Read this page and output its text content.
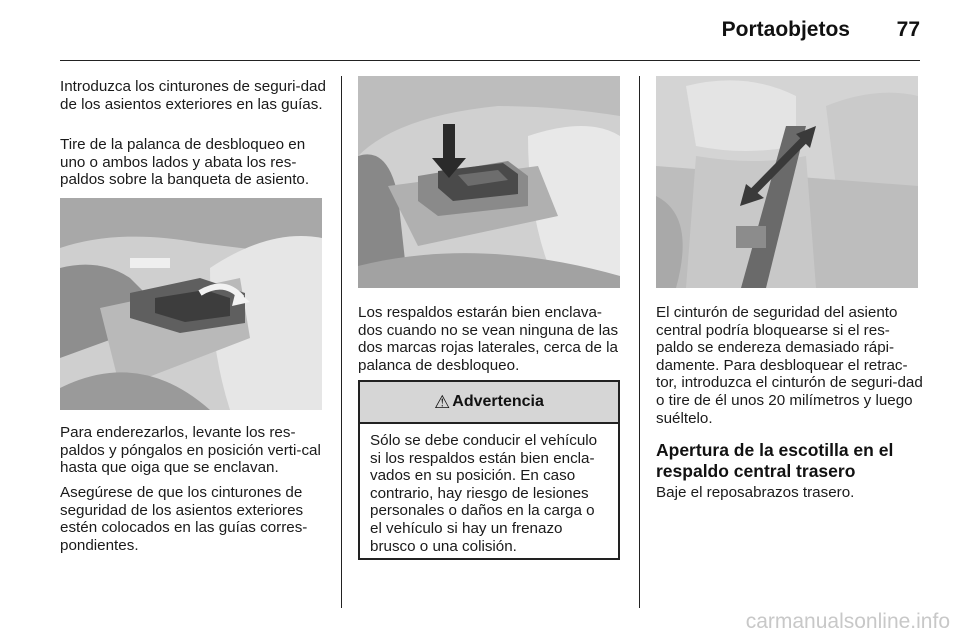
Portaobjetos	77

Introduzca los cinturones de seguri-dad de los asientos exteriores en las guías.

Tire de la palanca de desbloqueo en uno o ambos lados y abata los res-paldos sobre la banqueta de asiento.

Para enderezarlos, levante los res-paldos y póngalos en posición verti-cal hasta que oiga que se enclavan.

Asegúrese de que los cinturones de seguridad de los asientos exteriores estén colocados en las guías corres-pondientes.

Los respaldos estarán bien enclava-dos cuando no se vean ninguna de las dos marcas rojas laterales, cerca de la palanca de desbloqueo.

⚠ Advertencia

Sólo se debe conducir el vehículo si los respaldos están bien encla-vados en su posición. En caso contrario, hay riesgo de lesiones personales o daños en la carga o el vehículo si hay un frenazo brusco o una colisión.

El cinturón de seguridad del asiento central podría bloquearse si el res-paldo se endereza demasiado rápi-damente. Para desbloquear el retrac-tor, introduzca el cinturón de seguri-dad o tire de él unos 20 milímetros y luego suéltelo.

Apertura de la escotilla en el respaldo central trasero

Baje el reposabrazos trasero.

carmanualsonline.info
